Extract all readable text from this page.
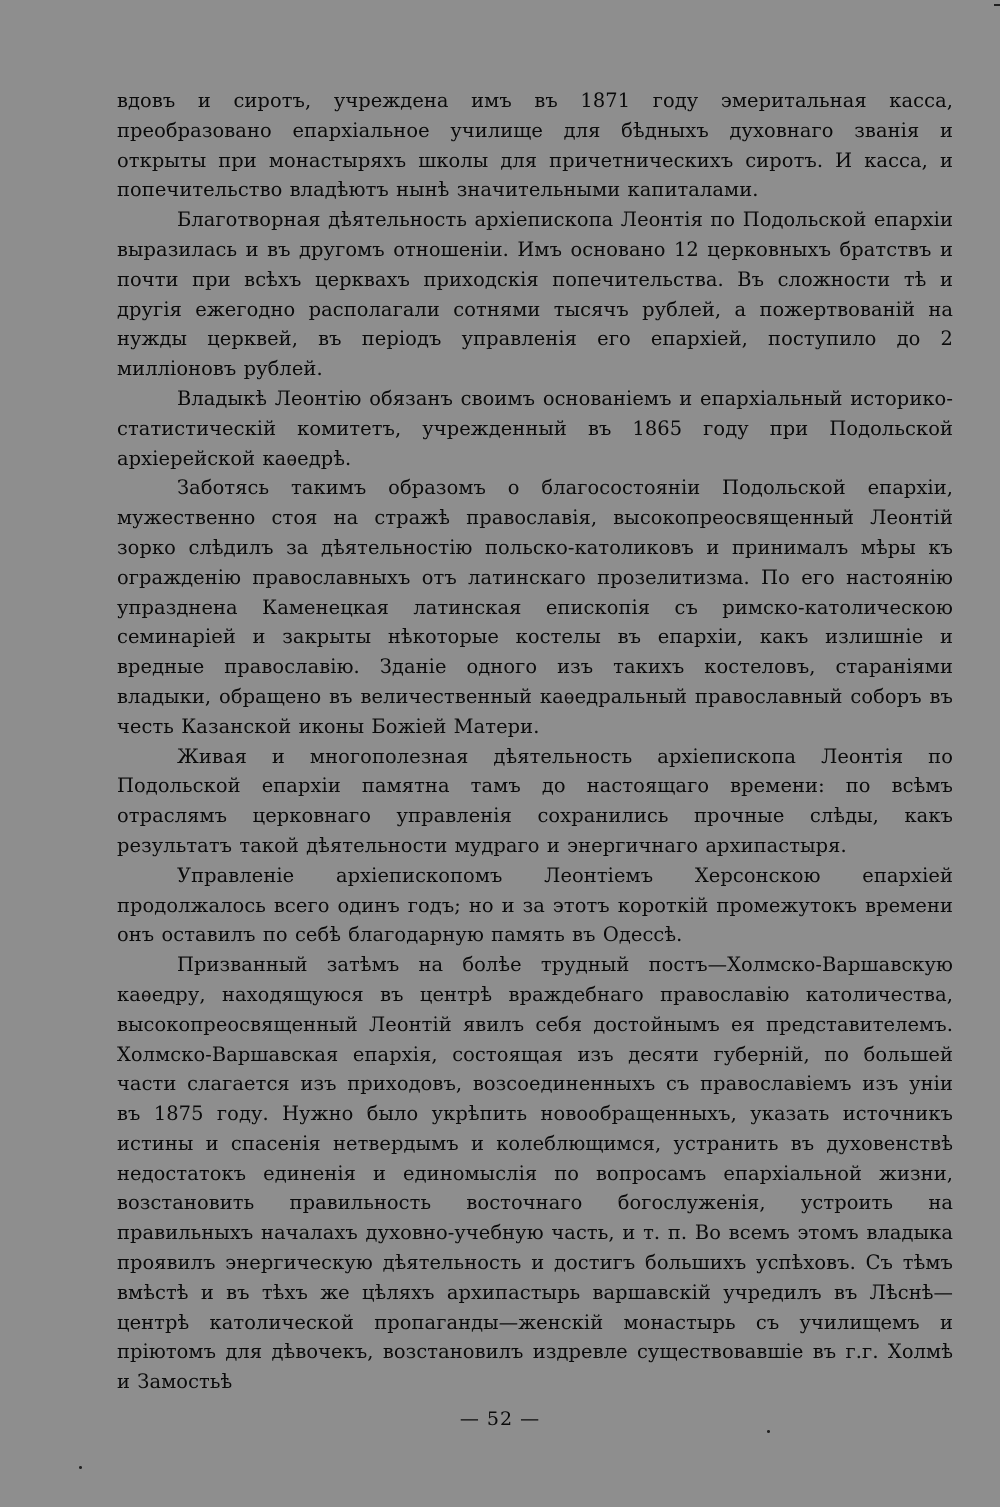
вдовъ и сиротъ, учреждена имъ въ 1871 году эмеритальная касса, преобразовано епархіальное училище для бѣдныхъ духовнаго званія и открыты при монастыряхъ школы для причетническихъ сиротъ. И касса, и попечительство владѣютъ нынѣ значительными капиталами.

Благотворная дѣятельность архіепископа Леонтія по Подольской епархіи выразилась и въ другомъ отношеніи. Имъ основано 12 церковныхъ братствъ и почти при всѣхъ церквахъ приходскія попечительства. Въ сложности тѣ и другія ежегодно располагали сотнями тысячъ рублей, а пожертвованій на нужды церквей, въ періодъ управленія его епархіей, поступило до 2 милліоновъ рублей.

Владыкѣ Леонтію обязанъ своимъ основаніемъ и епархіальный историко-статистическій комитетъ, учрежденный въ 1865 году при Подольской архіерейской каѳедрѣ.

Заботясь такимъ образомъ о благосостояніи Подольской епархіи, мужественно стоя на стражѣ православія, высокопреосвященный Леонтій зорко слѣдилъ за дѣятельностію польско-католиковъ и принималъ мѣры къ огражденію православныхъ отъ латинскаго прозелитизма. По его настоянію упразднена Каменецкая латинская епископія съ римско-католическою семинаріей и закрыты нѣкоторые костелы въ епархіи, какъ излишніе и вредные православію. Зданіе одного изъ такихъ костеловъ, стараніями владыки, обращено въ величественный каѳедральный православный соборъ въ честь Казанской иконы Божіей Матери.

Живая и многополезная дѣятельность архіепископа Леонтія по Подольской епархіи памятна тамъ до настоящаго времени: по всѣмъ отраслямъ церковнаго управленія сохранились прочные слѣды, какъ результатъ такой дѣятельности мудраго и энергичнаго архипастыря.

Управленіе архіепископомъ Леонтіемъ Херсонскою епархіей продолжалось всего одинъ годъ; но и за этотъ короткій промежутокъ времени онъ оставилъ по себѣ благодарную память въ Одессѣ.

Призванный затѣмъ на болѣе трудный постъ—Холмско-Варшавскую каѳедру, находящуюся въ центрѣ враждебнаго православію католичества, высокопреосвященный Леонтій явилъ себя достойнымъ ея представителемъ. Холмско-Варшавская епархія, состоящая изъ десяти губерній, по большей части слагается изъ приходовъ, возсоединенныхъ съ православіемъ изъ уніи въ 1875 году. Нужно было укрѣпить новообращенныхъ, указать источникъ истины и спасенія нетвердымъ и колеблющимся, устранить въ духовенствѣ недостатокъ единенія и единомыслія по вопросамъ епархіальной жизни, возстановить правильность восточнаго богослуженія, устроить на правильныхъ началахъ духовно-учебную часть, и т. п. Во всемъ этомъ владыка проявилъ энергическую дѣятельность и достигъ большихъ успѣховъ. Съ тѣмъ вмѣстѣ и въ тѣхъ же цѣляхъ архипастырь варшавскій учредилъ въ Лѣснѣ—центрѣ католической пропаганды—женскій монастырь съ училищемъ и пріютомъ для дѣвочекъ, возстановилъ издревле существовавшіе въ г.г. Холмѣ и Замостьѣ

— 52 —
